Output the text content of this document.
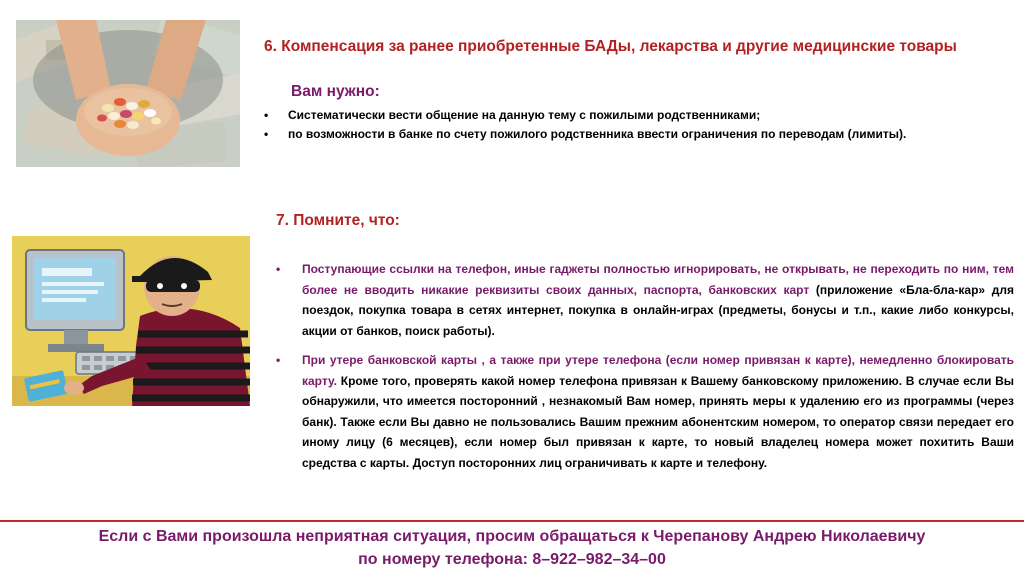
6. Компенсация за ранее приобретенные БАДы, лекарства и другие медицинские товары

Вам нужно:

• Систематически вести общение на данную тему с пожилыми родственниками;
• по возможности в банке по счету пожилого родственника ввести ограничения по переводам (лимиты).

7. Помните, что:

• Поступающие ссылки на телефон, иные гаджеты полностью игнорировать, не открывать, не переходить по ним, тем более не вводить никакие реквизиты своих данных, паспорта, банковских карт (приложение «Бла-бла-кар» для поездок, покупка товара в сетях интернет, покупка в онлайн-играх (предметы, бонусы и т.п., какие либо конкурсы, акции от банков, поиск работы).
• При утере банковской карты , а также при утере телефона (если номер привязан к карте), немедленно блокировать карту. Кроме того, проверять какой номер телефона привязан к Вашему банковскому приложению. В случае если Вы обнаружили, что имеется посторонний , незнакомый Вам номер, принять меры к удалению его из программы (через банк). Также если Вы давно не пользовались Вашим прежним абонентским номером, то оператор связи передает его иному лицу (6 месяцев), если номер был привязан к карте, то новый владелец номера может похитить Ваши средства с карты. Доступ посторонних лиц ограничивать к карте и телефону.

Если с Вами произошла неприятная ситуация, просим обращаться к Черепанову Андрею Николаевичу

по номеру телефона: 8–922–982–34–00
